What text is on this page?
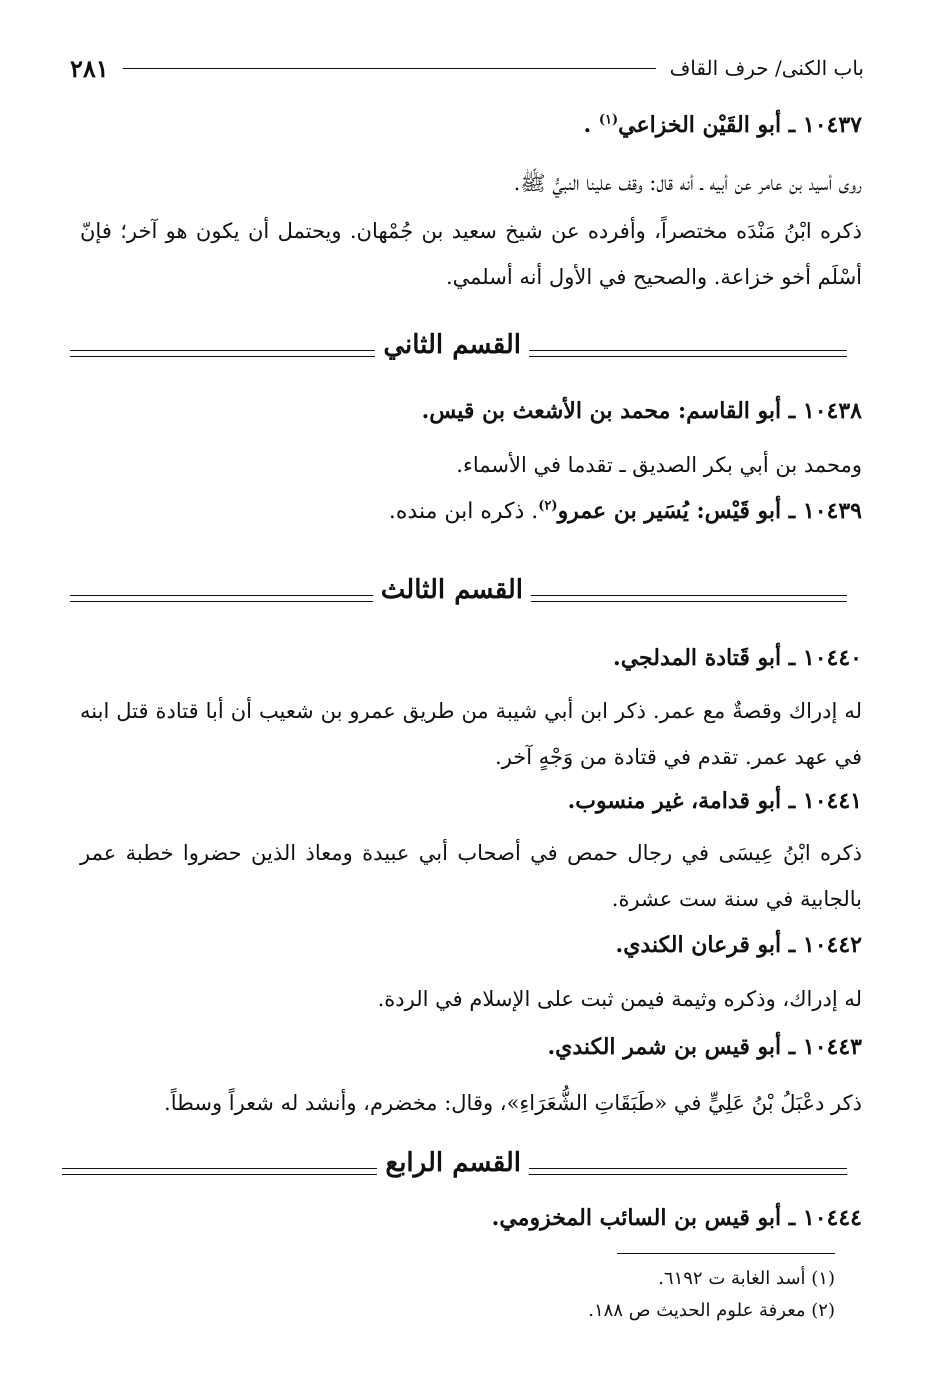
باب الكنى/ حرف القاف
٢٨١
١٠٤٣٧ ـ أبو القَيْن الخزاعي$^{(١)}$ .
روى أسيد بن عامر عن أبيه ـ أنه قال: وقف علينا النبيُّ ﷺ.
ذكره ابْنُ مَنْدَه مختصراً، وأفرده عن شيخ سعيد بن جُمْهان. ويحتمل أن يكون هو آخر؛ فإنّ أسْلَم أخو خزاعة. والصحيح في الأول أنه أسلمي.
القسم الثاني
١٠٤٣٨ ـ أبو القاسم: محمد بن الأشعث بن قيس.
ومحمد بن أبي بكر الصديق ـ تقدما في الأسماء.
١٠٤٣٩ ـ أبو قَيْس: يُسَير بن عمرو$^{(٢)}$. ذكره ابن منده.
القسم الثالث
١٠٤٤٠ ـ أبو قَتادة المدلجي.
له إدراك وقصةٌ مع عمر. ذكر ابن أبي شيبة من طريق عمرو بن شعيب أن أبا قتادة قتل ابنه في عهد عمر. تقدم في قتادة من وَجْهٍ آخر.
١٠٤٤١ ـ أبو قدامة، غير منسوب.
ذكره ابْنُ عِيسَى في رجال حمص في أصحاب أبي عبيدة ومعاذ الذين حضروا خطبة عمر بالجابية في سنة ست عشرة.
١٠٤٤٢ ـ أبو قرعان الكندي.
له إدراك، وذكره وثيمة فيمن ثبت على الإسلام في الردة.
١٠٤٤٣ ـ أبو قيس بن شمر الكندي.
ذكر دعْبَلُ بْنُ عَلِيٍّ في «طَبَقَاتِ الشُّعَرَاءِ»، وقال: مخضرم، وأنشد له شعراً وسطاً.
القسم الرابع
١٠٤٤٤ ـ أبو قيس بن السائب المخزومي.
(١) أسد الغابة ت ٦١٩٢.
(٢) معرفة علوم الحديث ص ١٨٨.
